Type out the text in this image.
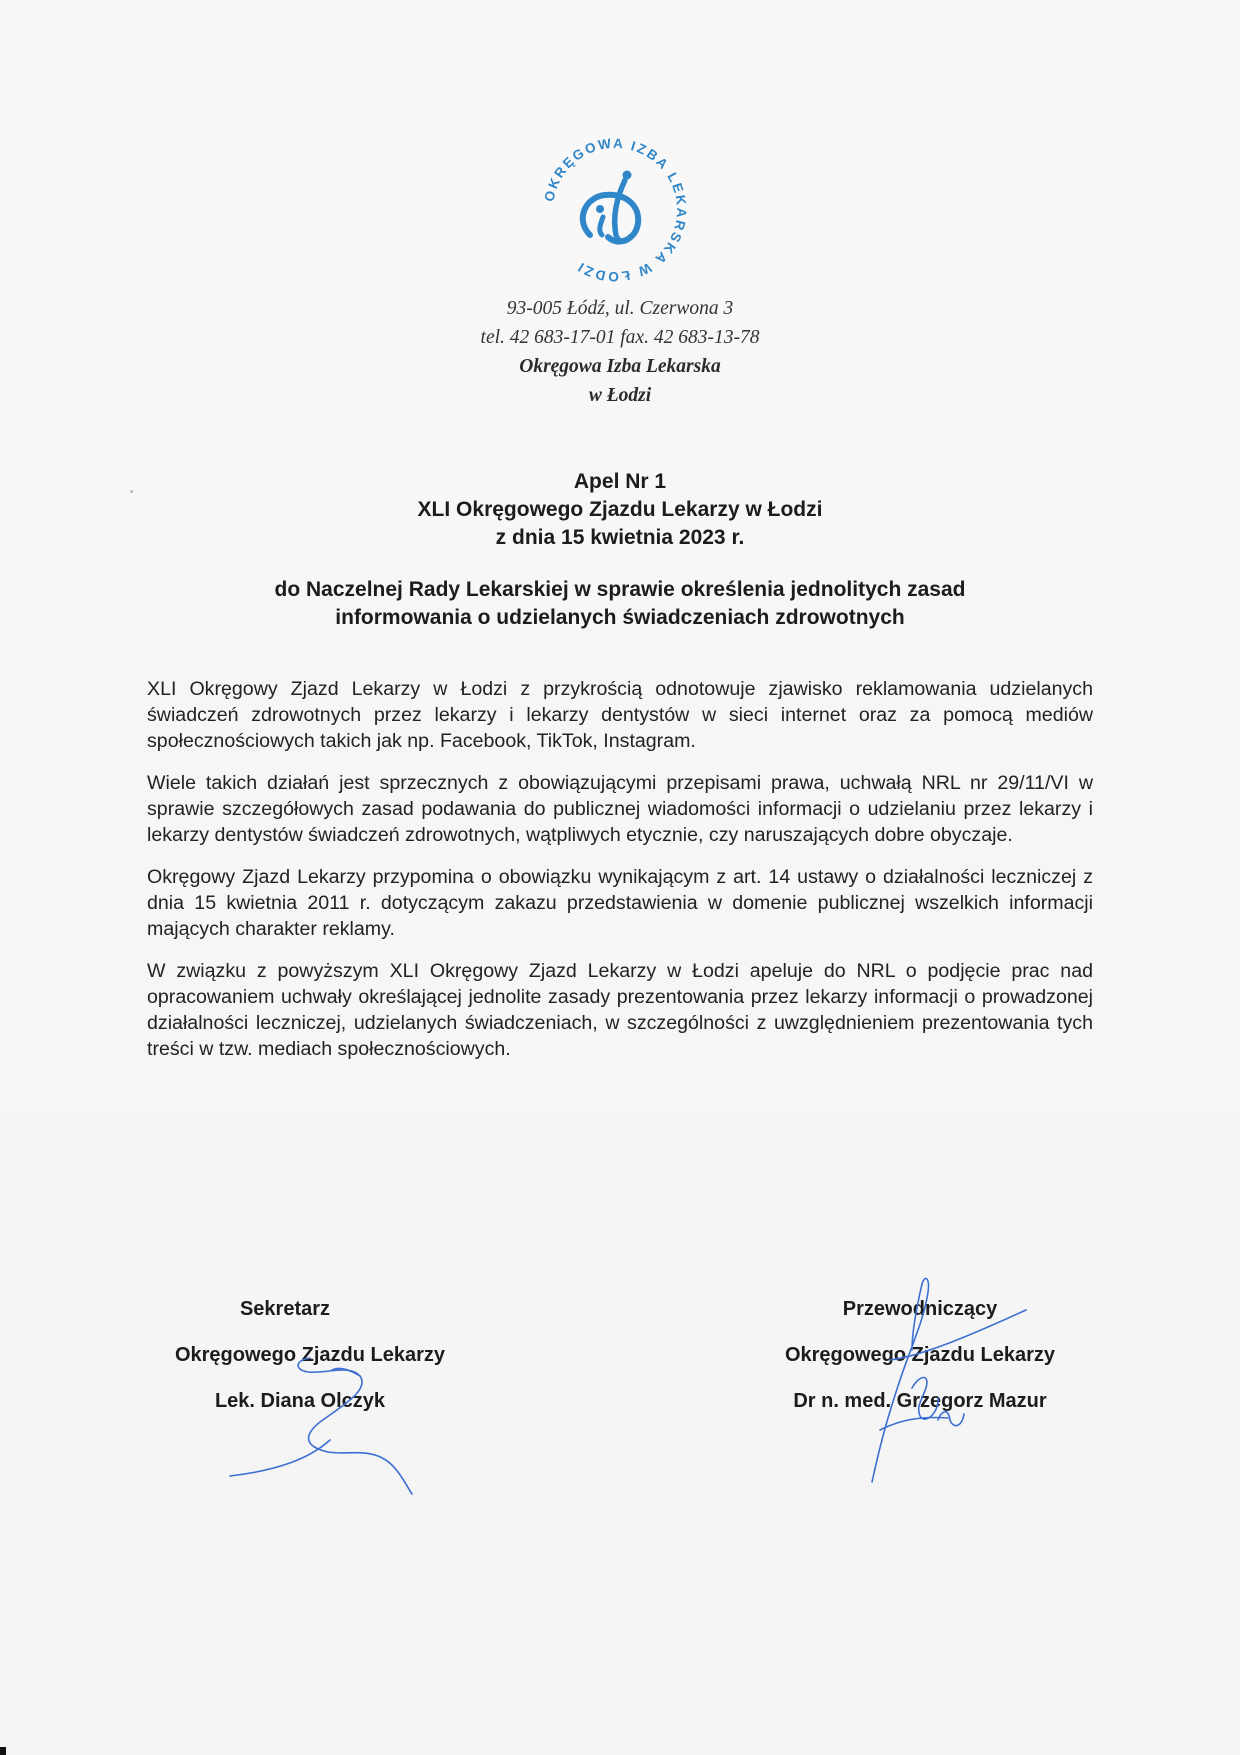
OKRĘGOWA IZBA LEKARSKA W ŁODZI
93-005 Łódź, ul. Czerwona 3
tel. 42 683-17-01 fax. 42 683-13-78
Okręgowa Izba Lekarska
w Łodzi
Apel Nr 1
XLI Okręgowego Zjazdu Lekarzy w Łodzi
z dnia 15 kwietnia 2023 r.
do Naczelnej Rady Lekarskiej w sprawie określenia jednolitych zasad
informowania o udzielanych świadczeniach zdrowotnych

XLI Okręgowy Zjazd Lekarzy w Łodzi z przykrością odnotowuje zjawisko reklamowania udzielanych świadczeń zdrowotnych przez lekarzy i lekarzy dentystów w sieci internet oraz za pomocą mediów społecznościowych takich jak np. Facebook, TikTok, Instagram.

Wiele takich działań jest sprzecznych z obowiązującymi przepisami prawa, uchwałą NRL nr 29/11/VI w sprawie szczegółowych zasad podawania do publicznej wiadomości informacji o udzielaniu przez lekarzy i lekarzy dentystów świadczeń zdrowotnych, wątpliwych etycznie, czy naruszających dobre obyczaje.

Okręgowy Zjazd Lekarzy przypomina o obowiązku wynikającym z art. 14 ustawy o działalności leczniczej z dnia 15 kwietnia 2011 r. dotyczącym zakazu przedstawienia w domenie publicznej wszelkich informacji mających charakter reklamy.

W związku z powyższym XLI Okręgowy Zjazd Lekarzy w Łodzi apeluje do NRL o podjęcie prac nad opracowaniem uchwały określającej jednolite zasady prezentowania przez lekarzy informacji o prowadzonej działalności leczniczej, udzielanych świadczeniach, w szczególności z uwzględnieniem prezentowania tych treści w tzw. mediach społecznościowych.

Sekretarz
Okręgowego Zjazdu Lekarzy
Lek. Diana Olczyk
Przewodniczący
Okręgowego Zjazdu Lekarzy
Dr n. med. Grzegorz Mazur
